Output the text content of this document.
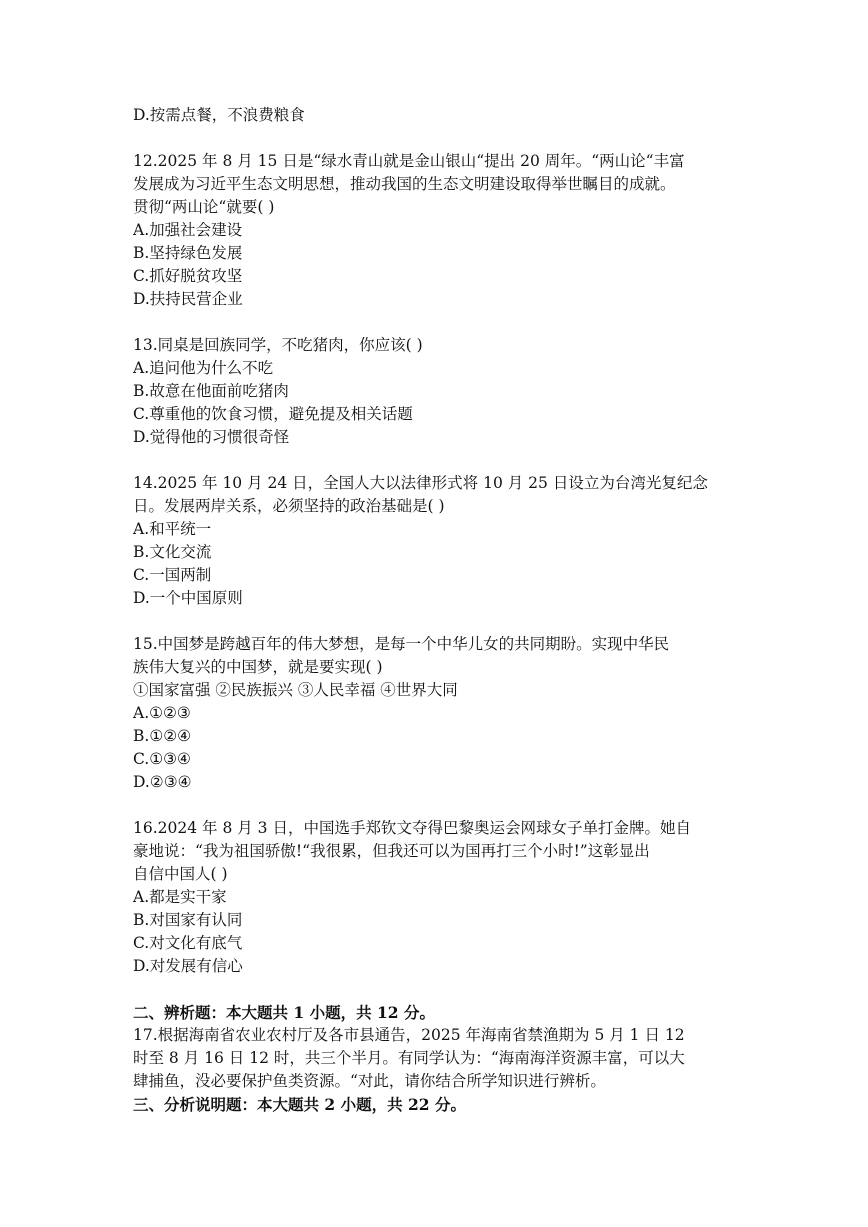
D.按需点餐，不浪费粮食
12.2025 年 8 月 15 日是“绿水青山就是金山银山“提出 20 周年。“两山论“丰富
发展成为习近平生态文明思想，推动我国的生态文明建设取得举世瞩目的成就。
贯彻“两山论“就要( )
A.加强社会建设
B.坚持绿色发展
C.抓好脱贫攻坚
D.扶持民营企业
13.同桌是回族同学，不吃猪肉，你应该( )
A.追问他为什么不吃
B.故意在他面前吃猪肉
C.尊重他的饮食习惯，避免提及相关话题
D.觉得他的习惯很奇怪
14.2025 年 10 月 24 日，全国人大以法律形式将 10 月 25 日设立为台湾光复纪念
日。发展两岸关系，必须坚持的政治基础是( )
A.和平统一
B.文化交流
C.一国两制
D.一个中国原则
15.中国梦是跨越百年的伟大梦想，是每一个中华儿女的共同期盼。实现中华民
族伟大复兴的中国梦，就是要实现( )
①国家富强 ②民族振兴 ③人民幸福 ④世界大同
A.①②③
B.①②④
C.①③④
D.②③④
16.2024 年 8 月 3 日，中国选手郑钦文夺得巴黎奥运会网球女子单打金牌。她自
豪地说：“我为祖国骄傲!“我很累，但我还可以为国再打三个小时!”这彰显出
自信中国人( )
A.都是实干家
B.对国家有认同
C.对文化有底气
D.对发展有信心
二、辨析题：本大题共 1 小题，共 12 分。
17.根据海南省农业农村厅及各市县通告，2025 年海南省禁渔期为 5 月 1 日 12
时至 8 月 16 日 12 时，共三个半月。有同学认为：“海南海洋资源丰富，可以大
肆捕鱼，没必要保护鱼类资源。“对此，请你结合所学知识进行辨析。
三、分析说明题：本大题共 2 小题，共 22 分。
